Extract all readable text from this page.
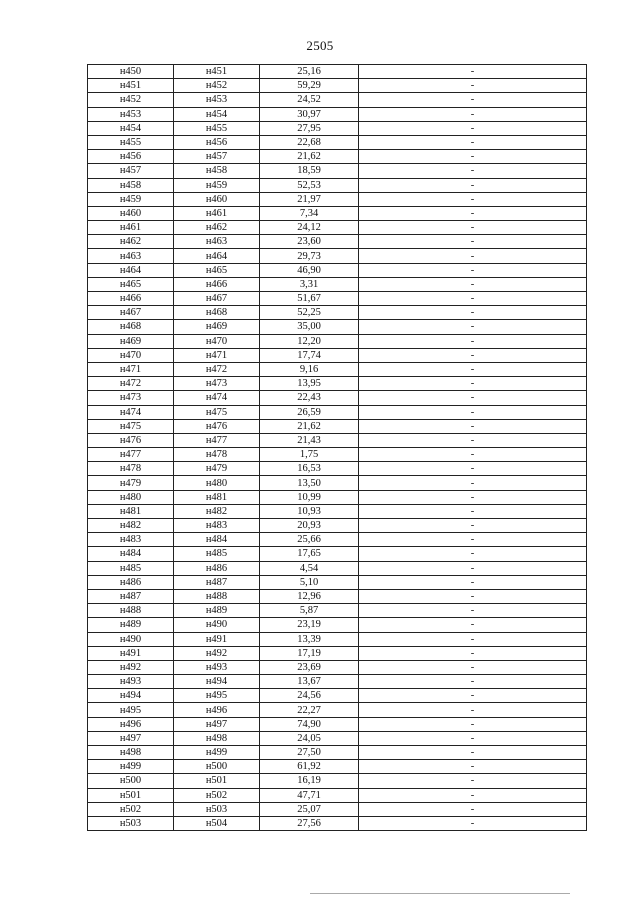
2505
н450	н451	25,16	-
н451	н452	59,29	-
н452	н453	24,52	-
н453	н454	30,97	-
н454	н455	27,95	-
н455	н456	22,68	-
н456	н457	21,62	-
н457	н458	18,59	-
н458	н459	52,53	-
н459	н460	21,97	-
н460	н461	7,34	-
н461	н462	24,12	-
н462	н463	23,60	-
н463	н464	29,73	-
н464	н465	46,90	-
н465	н466	3,31	-
н466	н467	51,67	-
н467	н468	52,25	-
н468	н469	35,00	-
н469	н470	12,20	-
н470	н471	17,74	-
н471	н472	9,16	-
н472	н473	13,95	-
н473	н474	22,43	-
н474	н475	26,59	-
н475	н476	21,62	-
н476	н477	21,43	-
н477	н478	1,75	-
н478	н479	16,53	-
н479	н480	13,50	-
н480	н481	10,99	-
н481	н482	10,93	-
н482	н483	20,93	-
н483	н484	25,66	-
н484	н485	17,65	-
н485	н486	4,54	-
н486	н487	5,10	-
н487	н488	12,96	-
н488	н489	5,87	-
н489	н490	23,19	-
н490	н491	13,39	-
н491	н492	17,19	-
н492	н493	23,69	-
н493	н494	13,67	-
н494	н495	24,56	-
н495	н496	22,27	-
н496	н497	74,90	-
н497	н498	24,05	-
н498	н499	27,50	-
н499	н500	61,92	-
н500	н501	16,19	-
н501	н502	47,71	-
н502	н503	25,07	-
н503	н504	27,56	-
